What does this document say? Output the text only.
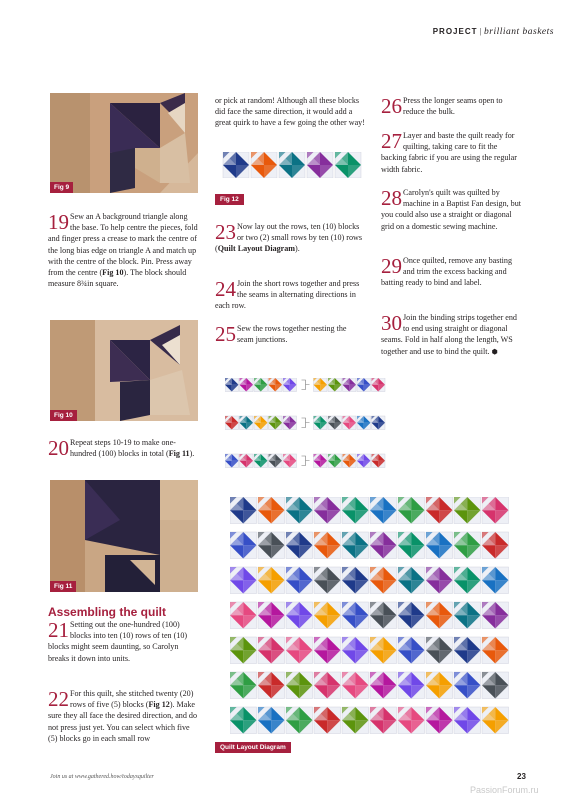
PROJECT | brilliant baskets
Fig 9
19 Sew an A background triangle along the base. To help centre the pieces, fold and finger press a crease to mark the centre of the long bias edge on triangle A and match up with the centre of the block. Pin. Press away from the centre (Fig 10). The block should measure 8¾in square.
Fig 10
20 Repeat steps 10-19 to make one- hundred (100) blocks in total (Fig 11).
Fig 11
Assembling the quilt
21 Setting out the one-hundred (100) blocks into ten (10) rows of ten (10) blocks might seem daunting, so Carolyn breaks it down into units.
22 For this quilt, she stitched twenty (20) rows of five (5) blocks (Fig 12). Make sure they all face the desired direction, and do not press just yet. You can select which five (5) blocks go in each small row
or pick at random! Although all these blocks did face the same direction, it would add a great quirk to have a few going the other way!
Fig 12
23 Now lay out the rows, ten (10) blocks or two (2) small rows by ten (10) rows (Quilt Layout Diagram).
24 Join the short rows together and press the seams in alternating directions in each row.
25 Sew the rows together nesting the seam junctions.
26 Press the longer seams open to reduce the bulk.
27 Layer and baste the quilt ready for quilting, taking care to fit the backing fabric if you are using the regular width fabric.
28 Carolyn's quilt was quilted by machine in a Baptist Fan design, but you could also use a straight or diagonal grid on a domestic sewing machine.
29 Once quilted, remove any basting and trim the excess backing and batting ready to bind and label.
30 Join the binding strips together end to end using straight or diagonal seams. Fold in half along the length, WS together and use to bind the quilt. ⬢
Quilt Layout Diagram
Join us at www.gathered.how/todaysquilter	23
PassionForum.ru
